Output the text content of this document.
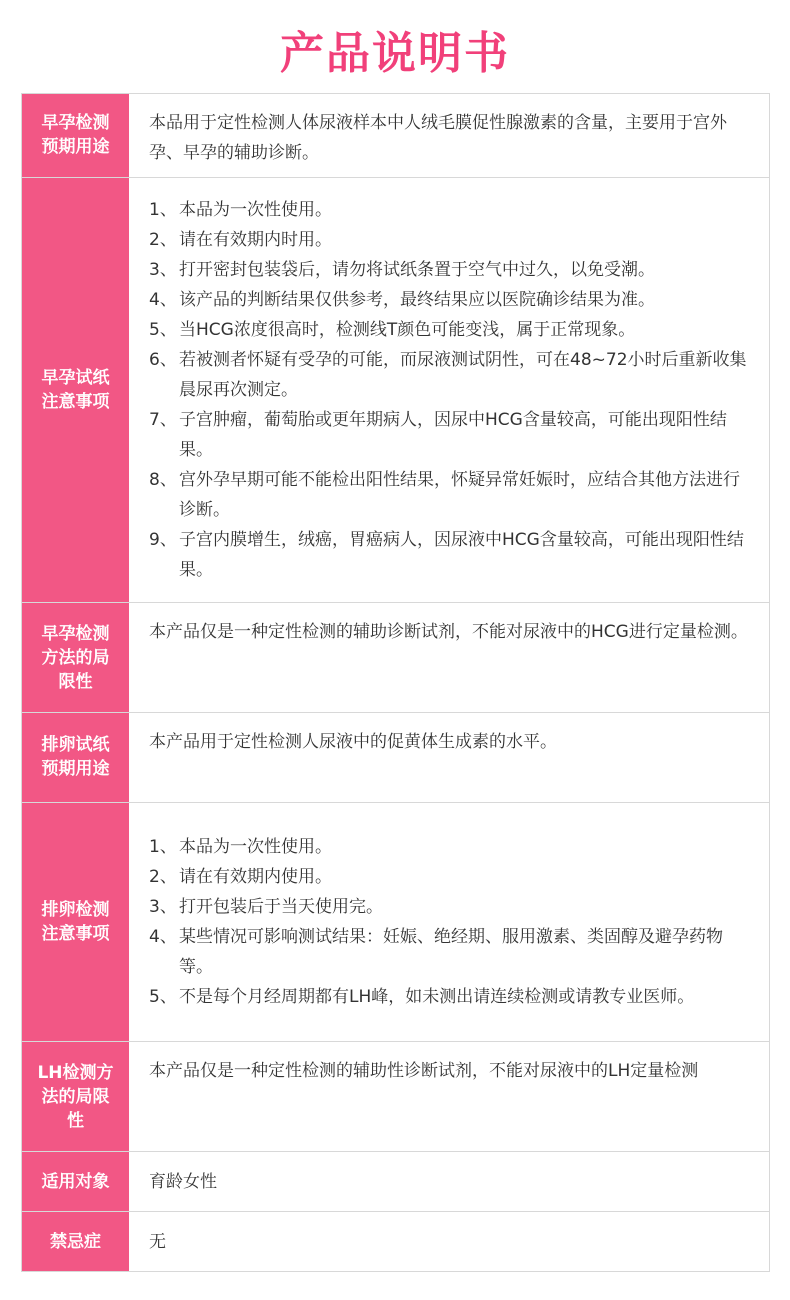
产品说明书
早孕检测
预期用途
本品用于定性检测人体尿液样本中人绒毛膜促性腺激素的含量，主要用于宫外孕、早孕的辅助诊断。
早孕试纸
注意事项
1、 本品为一次性使用。
2、 请在有效期内时用。
3、 打开密封包装袋后，请勿将试纸条置于空气中过久，以免受潮。
4、 该产品的判断结果仅供参考，最终结果应以医院确诊结果为准。
5、 当HCG浓度很高时，检测线T颜色可能变浅，属于正常现象。
6、 若被测者怀疑有受孕的可能，而尿液测试阴性，可在48~72小时后重新收集晨尿再次测定。
7、 子宫肿瘤，葡萄胎或更年期病人，因尿中HCG含量较高，可能出现阳性结果。
8、 宫外孕早期可能不能检出阳性结果，怀疑异常妊娠时，应结合其他方法进行诊断。
9、 子宫内膜增生，绒癌，胃癌病人，因尿液中HCG含量较高，可能出现阳性结果。
早孕检测
方法的局
限性
本产品仅是一种定性检测的辅助诊断试剂，不能对尿液中的HCG进行定量检测。
排卵试纸
预期用途
本产品用于定性检测人尿液中的促黄体生成素的水平。
排卵检测
注意事项
1、 本品为一次性使用。
2、 请在有效期内使用。
3、 打开包装后于当天使用完。
4、 某些情况可影响测试结果：妊娠、绝经期、服用激素、类固醇及避孕药物等。
5、 不是每个月经周期都有LH峰，如未测出请连续检测或请教专业医师。
LH检测方
法的局限
性
本产品仅是一种定性检测的辅助性诊断试剂，不能对尿液中的LH定量检测
适用对象	育龄女性
禁忌症	无
